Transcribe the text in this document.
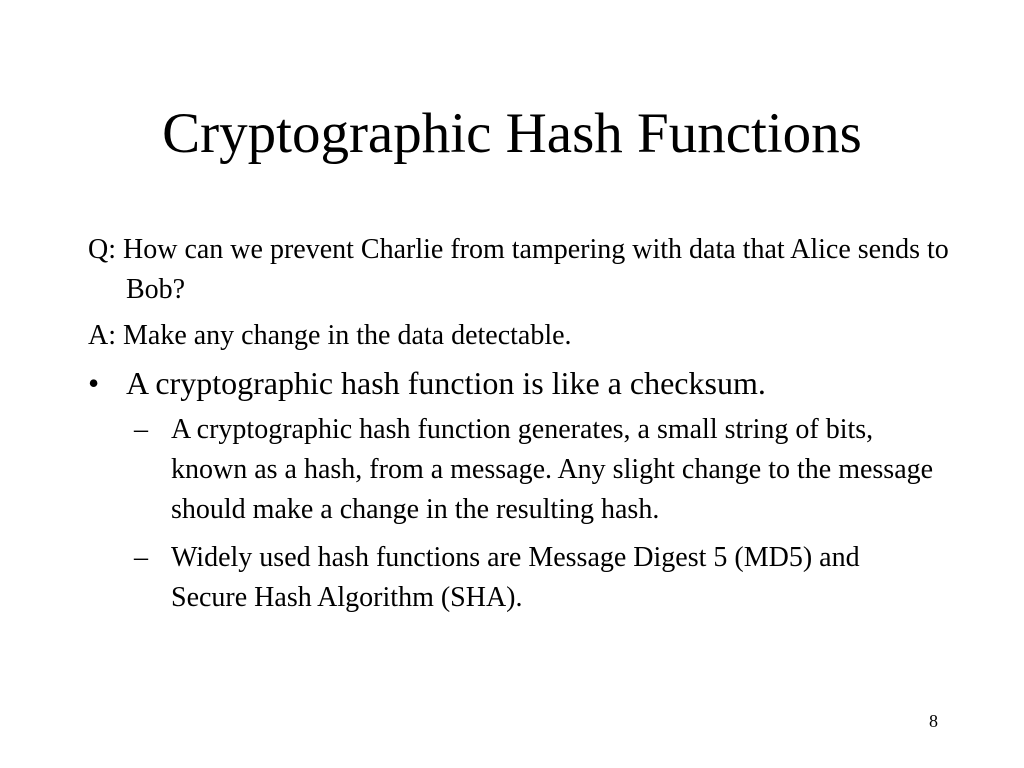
Cryptographic Hash Functions

Q: How can we prevent Charlie from tampering with data that Alice sends to Bob?

A: Make any change in the data detectable.

• A cryptographic hash function is like a checksum.
– A cryptographic hash function generates, a small string of bits, known as a hash, from a message. Any slight change to the message should make a change in the resulting hash.
– Widely used hash functions are Message Digest 5 (MD5) and Secure Hash Algorithm (SHA).
8
